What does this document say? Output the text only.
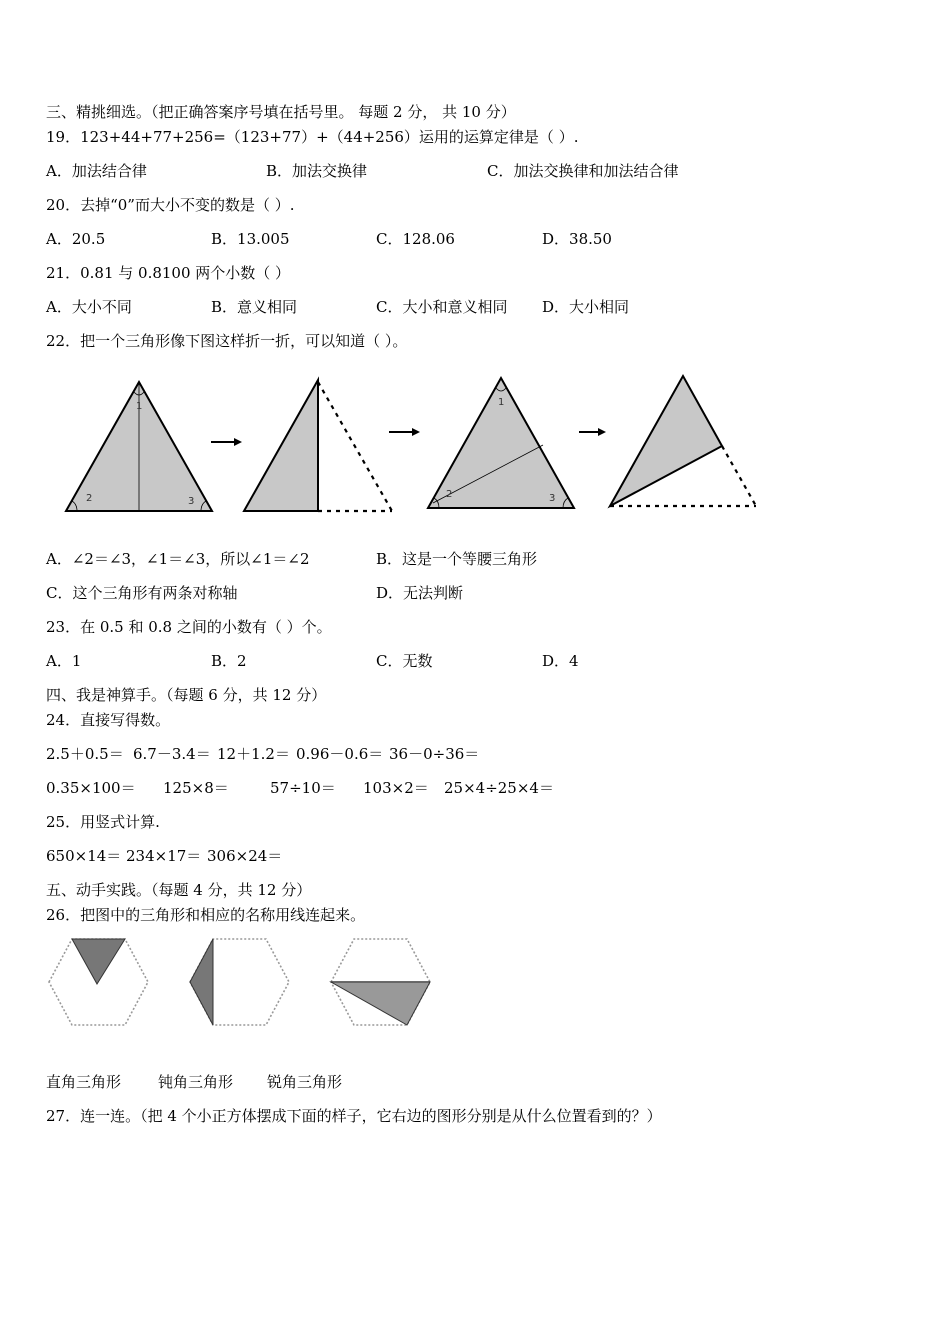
三、精挑细选。（把正确答案序号填在括号里。 每题 2 分， 共 10 分）
19．123+44+77+256=（123+77）+（44+256）运用的运算定律是（ ）.
A．加法结合律	B．加法交换律	C．加法交换律和加法结合律
20．去掉“0”而大小不变的数是（ ）.
A．20.5	B．13.005	C．128.06	D．38.50
21．0.81 与 0.8100 两个小数（ ）
A．大小不同	B．意义相同	C．大小和意义相同 D．大小相同
22．把一个三角形像下图这样折一折，可以知道（ ）。
1
2	3
1
2	3
A．∠2＝∠3，∠1＝∠3，所以∠1＝∠2	B．这是一个等腰三角形
C．这个三角形有两条对称轴	D．无法判断
23．在 0.5 和 0.8 之间的小数有（ ）个。
A．1	B．2	C．无数	D．4
四、我是神算手。（每题 6 分，共 12 分）
24．直接写得数。
2.5＋0.5＝ 6.7－3.4＝ 12＋1.2＝ 0.96－0.6＝ 36－0÷36＝
0.35×100＝ 125×8＝	57÷10＝ 103×2＝ 25×4÷25×4＝
25．用竖式计算.
650×14＝ 234×17＝ 306×24＝
五、动手实践。（每题 4 分，共 12 分）
26．把图中的三角形和相应的名称用线连起来。
直角三角形 钝角三角形 锐角三角形
27．连一连。（把 4 个小正方体摆成下面的样子，它右边的图形分别是从什么位置看到的？）
